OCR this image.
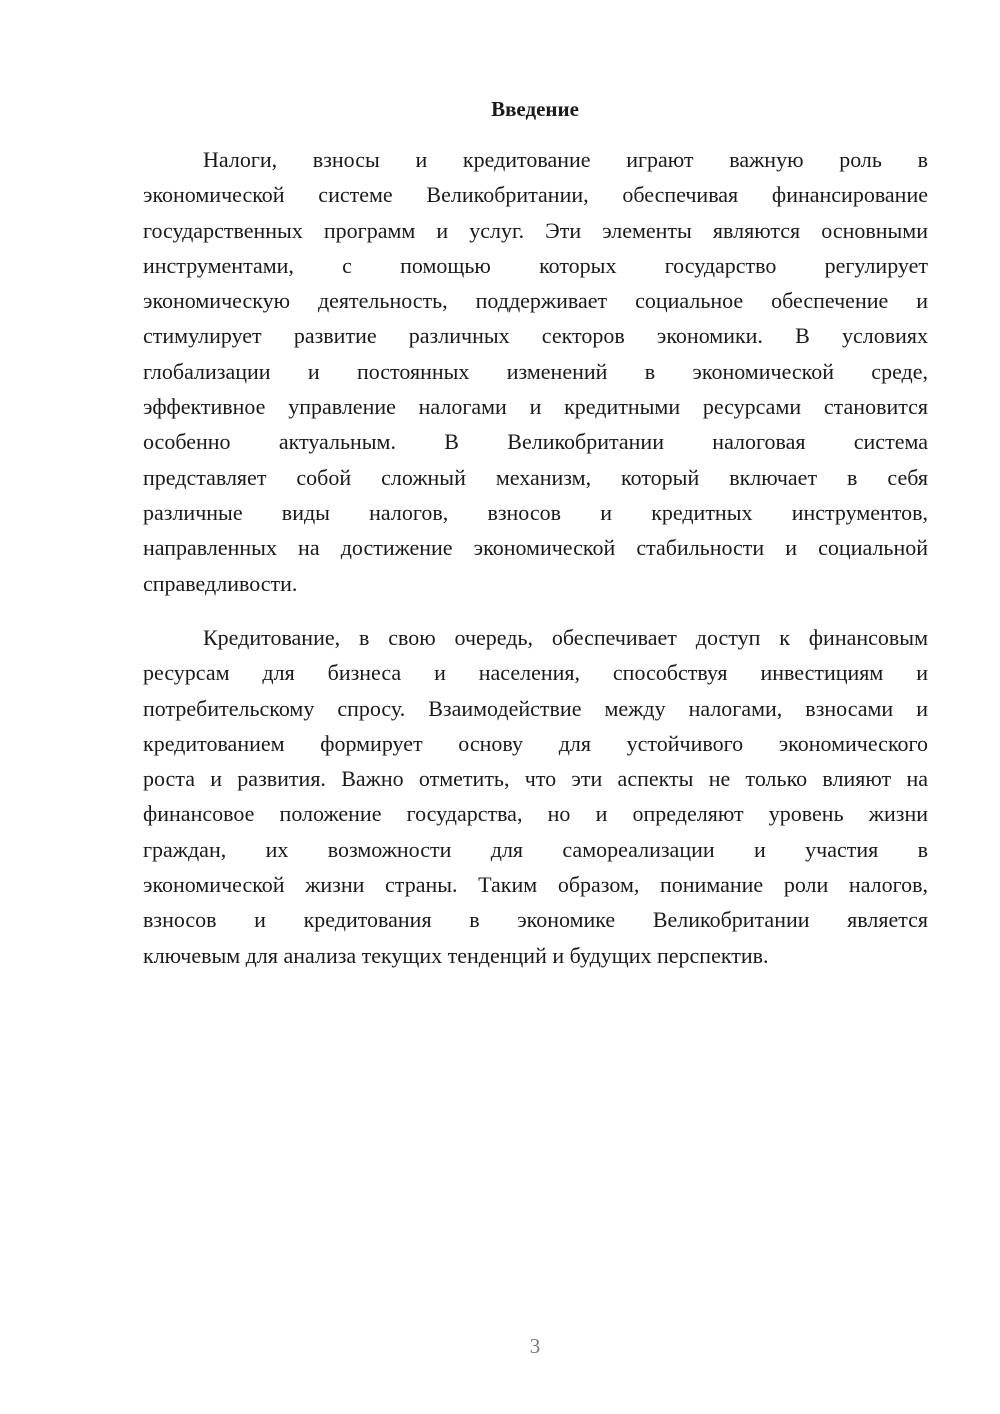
Введение
Налоги, взносы и кредитование играют важную роль в
экономической системе Великобритании, обеспечивая финансирование
государственных программ и услуг. Эти элементы являются основными
инструментами, с помощью которых государство регулирует
экономическую деятельность, поддерживает социальное обеспечение и
стимулирует развитие различных секторов экономики. В условиях
глобализации и постоянных изменений в экономической среде,
эффективное управление налогами и кредитными ресурсами становится
особенно актуальным. В Великобритании налоговая система
представляет собой сложный механизм, который включает в себя
различные виды налогов, взносов и кредитных инструментов,
направленных на достижение экономической стабильности и социальной
справедливости.
Кредитование, в свою очередь, обеспечивает доступ к финансовым
ресурсам для бизнеса и населения, способствуя инвестициям и
потребительскому спросу. Взаимодействие между налогами, взносами и
кредитованием формирует основу для устойчивого экономического
роста и развития. Важно отметить, что эти аспекты не только влияют на
финансовое положение государства, но и определяют уровень жизни
граждан, их возможности для самореализации и участия в
экономической жизни страны. Таким образом, понимание роли налогов,
взносов и кредитования в экономике Великобритании является
ключевым для анализа текущих тенденций и будущих перспектив.
3
